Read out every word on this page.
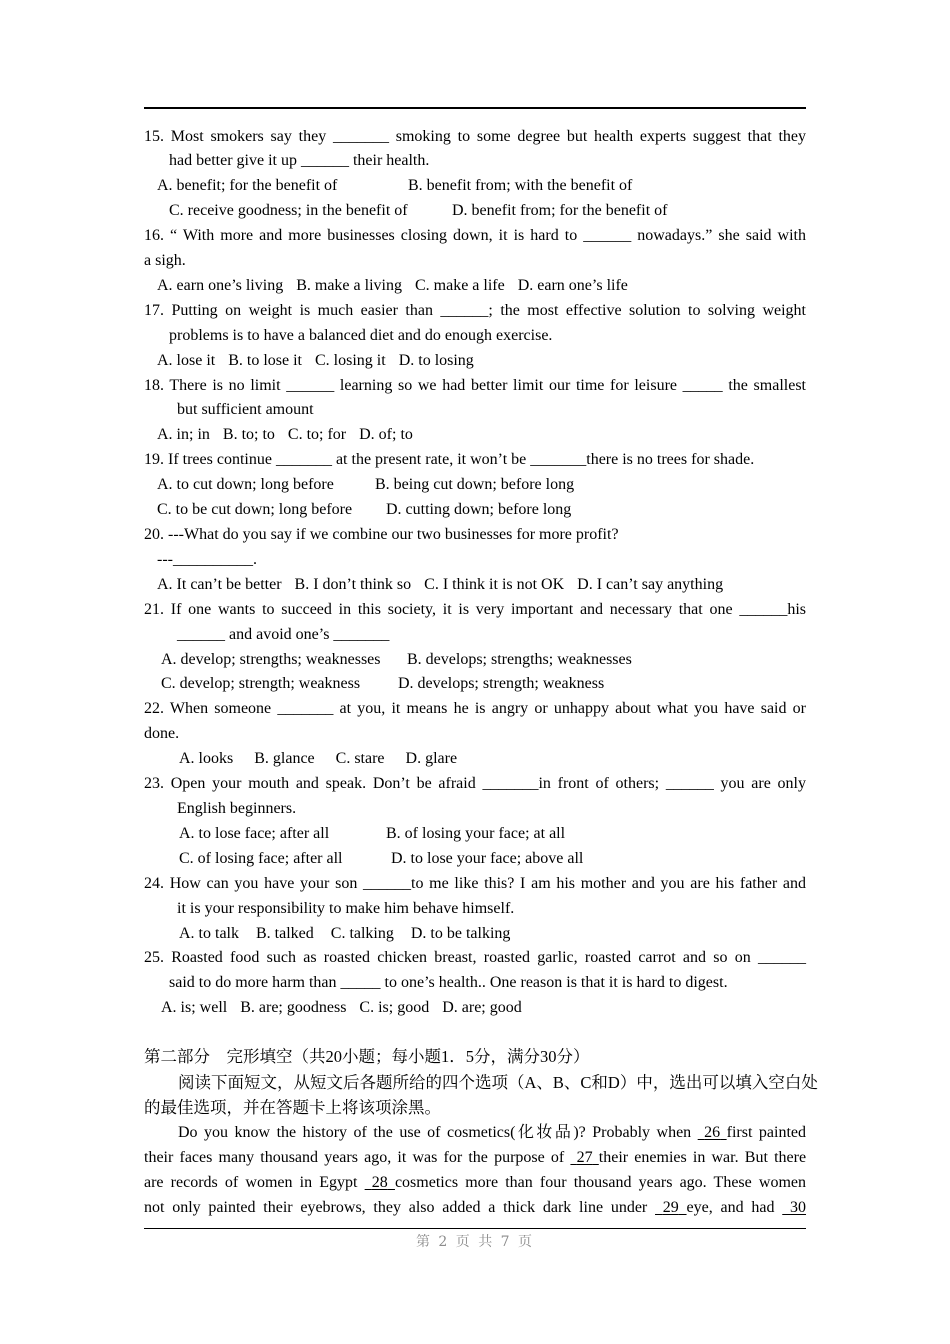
15. Most smokers say they _______ smoking to some degree but health experts suggest that they
had better give it up ______ their health.
A. benefit; for the benefit of	B. benefit from; with the benefit of
C. receive goodness; in the benefit of	D. benefit from; for the benefit of
16. “ With more and more businesses closing down, it is hard to ______ nowadays.” she said with
a sigh.
A. earn one’s living B. make a living C. make a life D. earn one’s life
17. Putting on weight is much easier than ______; the most effective solution to solving weight
problems is to have a balanced diet and do enough exercise.
A. lose it B. to lose it C. losing it D. to losing
18. There is no limit ______ learning so we had better limit our time for leisure _____ the smallest
but sufficient amount
A. in; in B. to; to C. to; for D. of; to
19. If trees continue _______ at the present rate, it won’t be _______there is no trees for shade.
A. to cut down; long before	B. being cut down; before long
C. to be cut down; long before D. cutting down; before long
20. ---What do you say if we combine our two businesses for more profit?
---__________.
A. It can’t be better B. I don’t think so C. I think it is not OK D. I can’t say anything
21. If one wants to succeed in this society, it is very important and necessary that one ______his
______ and avoid one’s _______
A. develop; strengths; weaknesses B. develops; strengths; weaknesses
C. develop; strength; weakness D. develops; strength; weakness
22. When someone _______ at you, it means he is angry or unhappy about what you have said or
done.
A. looks B. glance C. stare D. glare
23. Open your mouth and speak. Don’t be afraid _______in front of others; ______ you are only
English beginners.
A. to lose face; after all	B. of losing your face; at all
C. of losing face; after all	D. to lose your face; above all
24. How can you have your son ______to me like this? I am his mother and you are his father and
it is your responsibility to make him behave himself.
A. to talk B. talked C. talking D. to be talking
25. Roasted food such as roasted chicken breast, roasted garlic, roasted carrot and so on ______
said to do more harm than _____ to one’s health.. One reason is that it is hard to digest.
A. is; well B. are; goodness C. is; good D. are; good
第二部分　完形填空（共20小题；每小题1．5分，满分30分）
阅读下面短文，从短文后各题所给的四个选项（A、B、C和D）中，选出可以填入空白处
的最佳选项，并在答题卡上将该项涂黑。
Do you know the history of the use of cosmetics(化妆品)? Probably when 26 first painted
their faces many thousand years ago, it was for the purpose of 27 their enemies in war. But there
are records of women in Egypt 28 cosmetics more than four thousand years ago. These women
not only painted their eyebrows, they also added a thick dark line under 29 eye, and had 30
第 2 页 共 7 页
